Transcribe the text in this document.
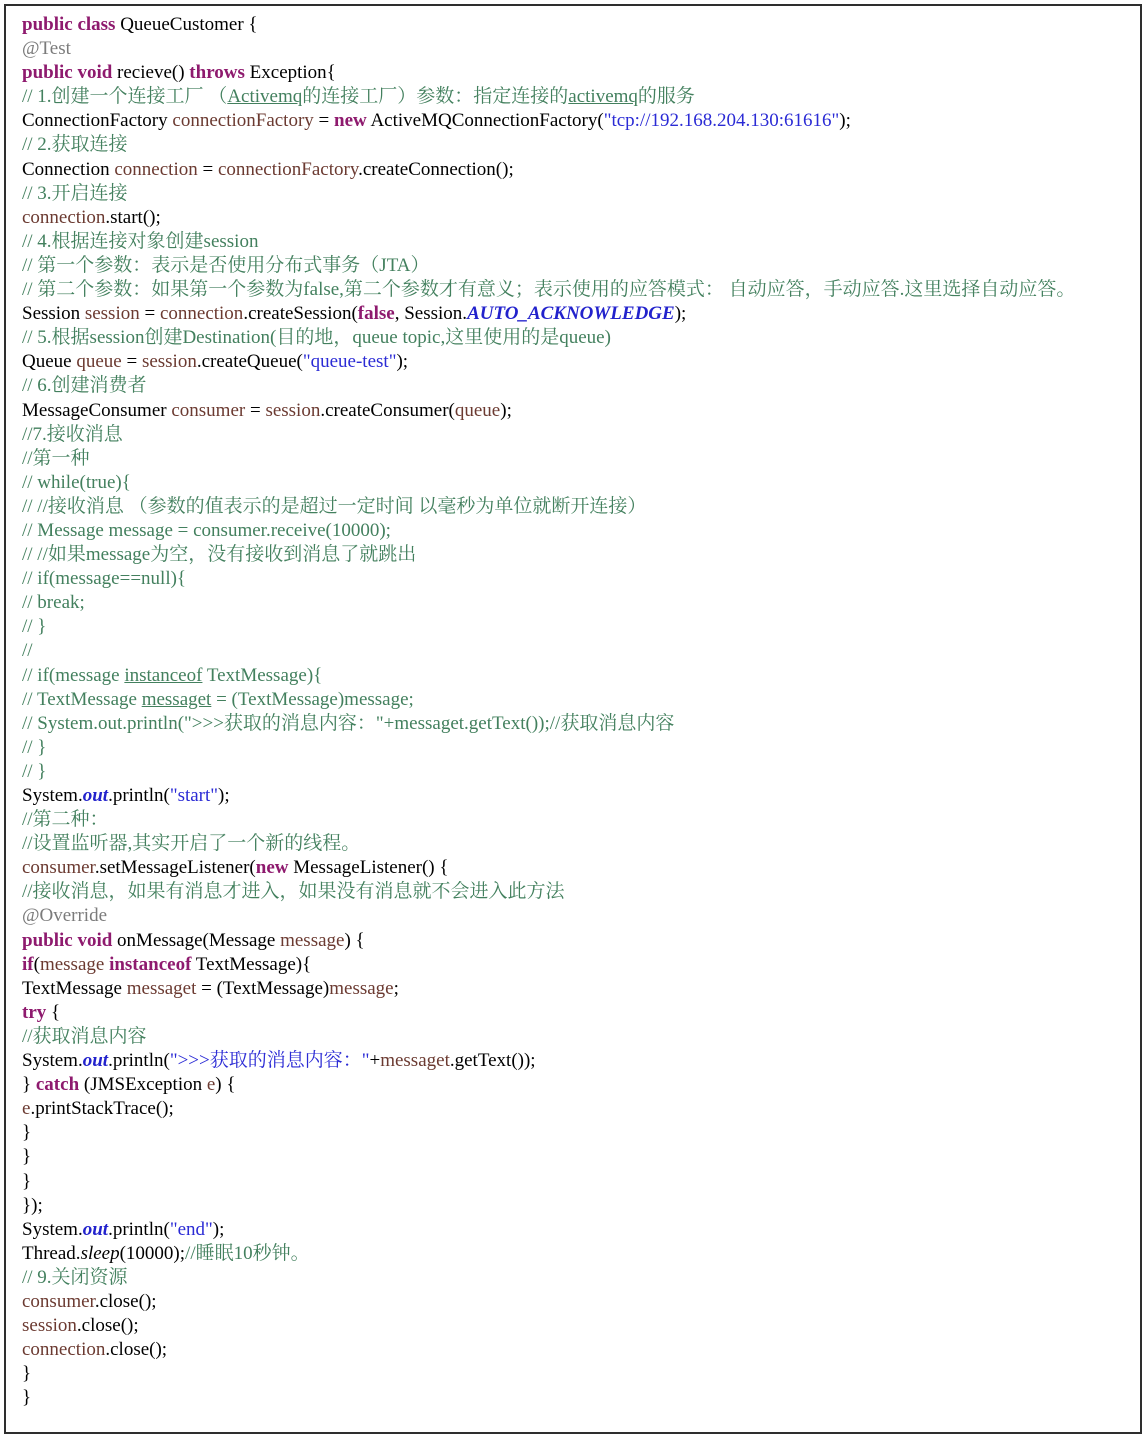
public class QueueCustomer {
@Test
public void recieve() throws Exception{
// 1.创建一个连接工厂 （Activemq的连接工厂）参数：指定连接的activemq的服务
ConnectionFactory connectionFactory = new ActiveMQConnectionFactory("tcp://192.168.204.130:61616");
// 2.获取连接
Connection connection = connectionFactory.createConnection();
// 3.开启连接
connection.start();
// 4.根据连接对象创建session
// 第一个参数：表示是否使用分布式事务（JTA）
// 第二个参数：如果第一个参数为false,第二个参数才有意义；表示使用的应答模式： 自动应答，手动应答.这里选择自动应答。
Session session = connection.createSession(false, Session.AUTO_ACKNOWLEDGE);
// 5.根据session创建Destination(目的地，queue topic,这里使用的是queue)
Queue queue = session.createQueue("queue-test");
// 6.创建消费者
MessageConsumer consumer = session.createConsumer(queue);
//7.接收消息
//第一种
// while(true){
// //接收消息 （参数的值表示的是超过一定时间 以毫秒为单位就断开连接）
// Message message = consumer.receive(10000);
// //如果message为空，没有接收到消息了就跳出
// if(message==null){
// break;
// }
//
// if(message instanceof TextMessage){
// TextMessage messaget = (TextMessage)message;
// System.out.println(">>>获取的消息内容："+messaget.getText());//获取消息内容
// }
// }
System.out.println("start");
//第二种：
//设置监听器,其实开启了一个新的线程。
consumer.setMessageListener(new MessageListener() {
//接收消息，如果有消息才进入，如果没有消息就不会进入此方法
@Override
public void onMessage(Message message) {
if(message instanceof TextMessage){
TextMessage messaget = (TextMessage)message;
try {
//获取消息内容
System.out.println(">>>获取的消息内容："+messaget.getText());
} catch (JMSException e) {
e.printStackTrace();
}
}
}
});
System.out.println("end");
Thread.sleep(10000);//睡眠10秒钟。
// 9.关闭资源
consumer.close();
session.close();
connection.close();
}
}
